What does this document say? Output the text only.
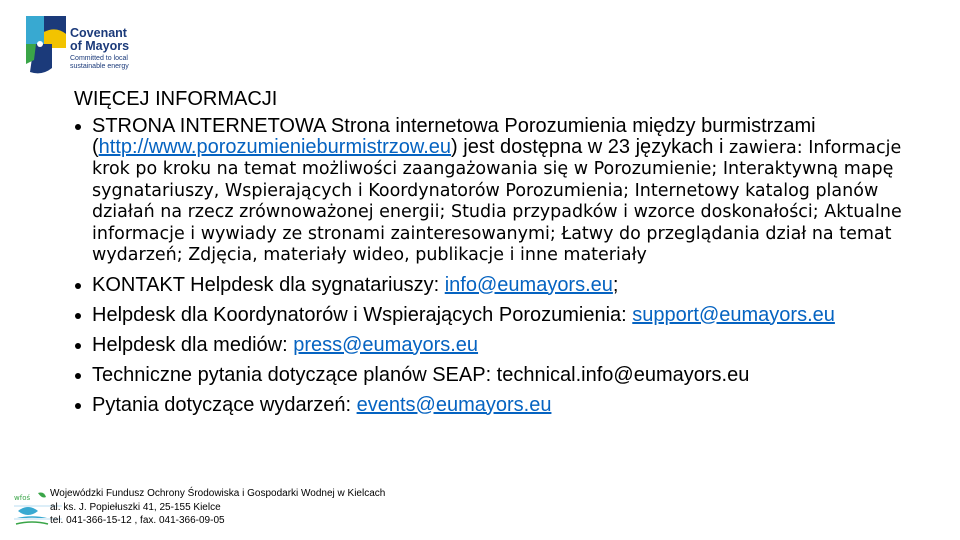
Covenant
of Mayors
Committed to local
sustainable energy
WIĘCEJ INFORMACJI
STRONA INTERNETOWA Strona internetowa Porozumienia między burmistrzami (http://www.porozumienieburmistrzow.eu) jest dostępna w 23 językach i zawiera: Informacje krok po kroku na temat możliwości zaangażowania się w Porozumienie; Interaktywną mapę sygnatariuszy, Wspierających i Koordynatorów Porozumienia; Internetowy katalog planów działań na rzecz zrównoważonej energii; Studia przypadków i wzorce doskonałości; Aktualne informacje i wywiady ze stronami zainteresowanymi; Łatwy do przeglądania dział na temat wydarzeń; Zdjęcia, materiały wideo, publikacje i inne materiały
KONTAKT Helpdesk dla sygnatariuszy: info@eumayors.eu;
Helpdesk dla Koordynatorów i Wspierających Porozumienia: support@eumayors.eu
Helpdesk dla mediów: press@eumayors.eu
Techniczne pytania dotyczące planów SEAP: technical.info@eumayors.eu
Pytania dotyczące wydarzeń: events@eumayors.eu
wfoś Wojewódzki Fundusz Ochrony Środowiska i Gospodarki Wodnej w Kielcach
al. ks. J. Popiełuszki 41, 25-155 Kielce
tel. 041-366-15-12 , fax. 041-366-09-05
